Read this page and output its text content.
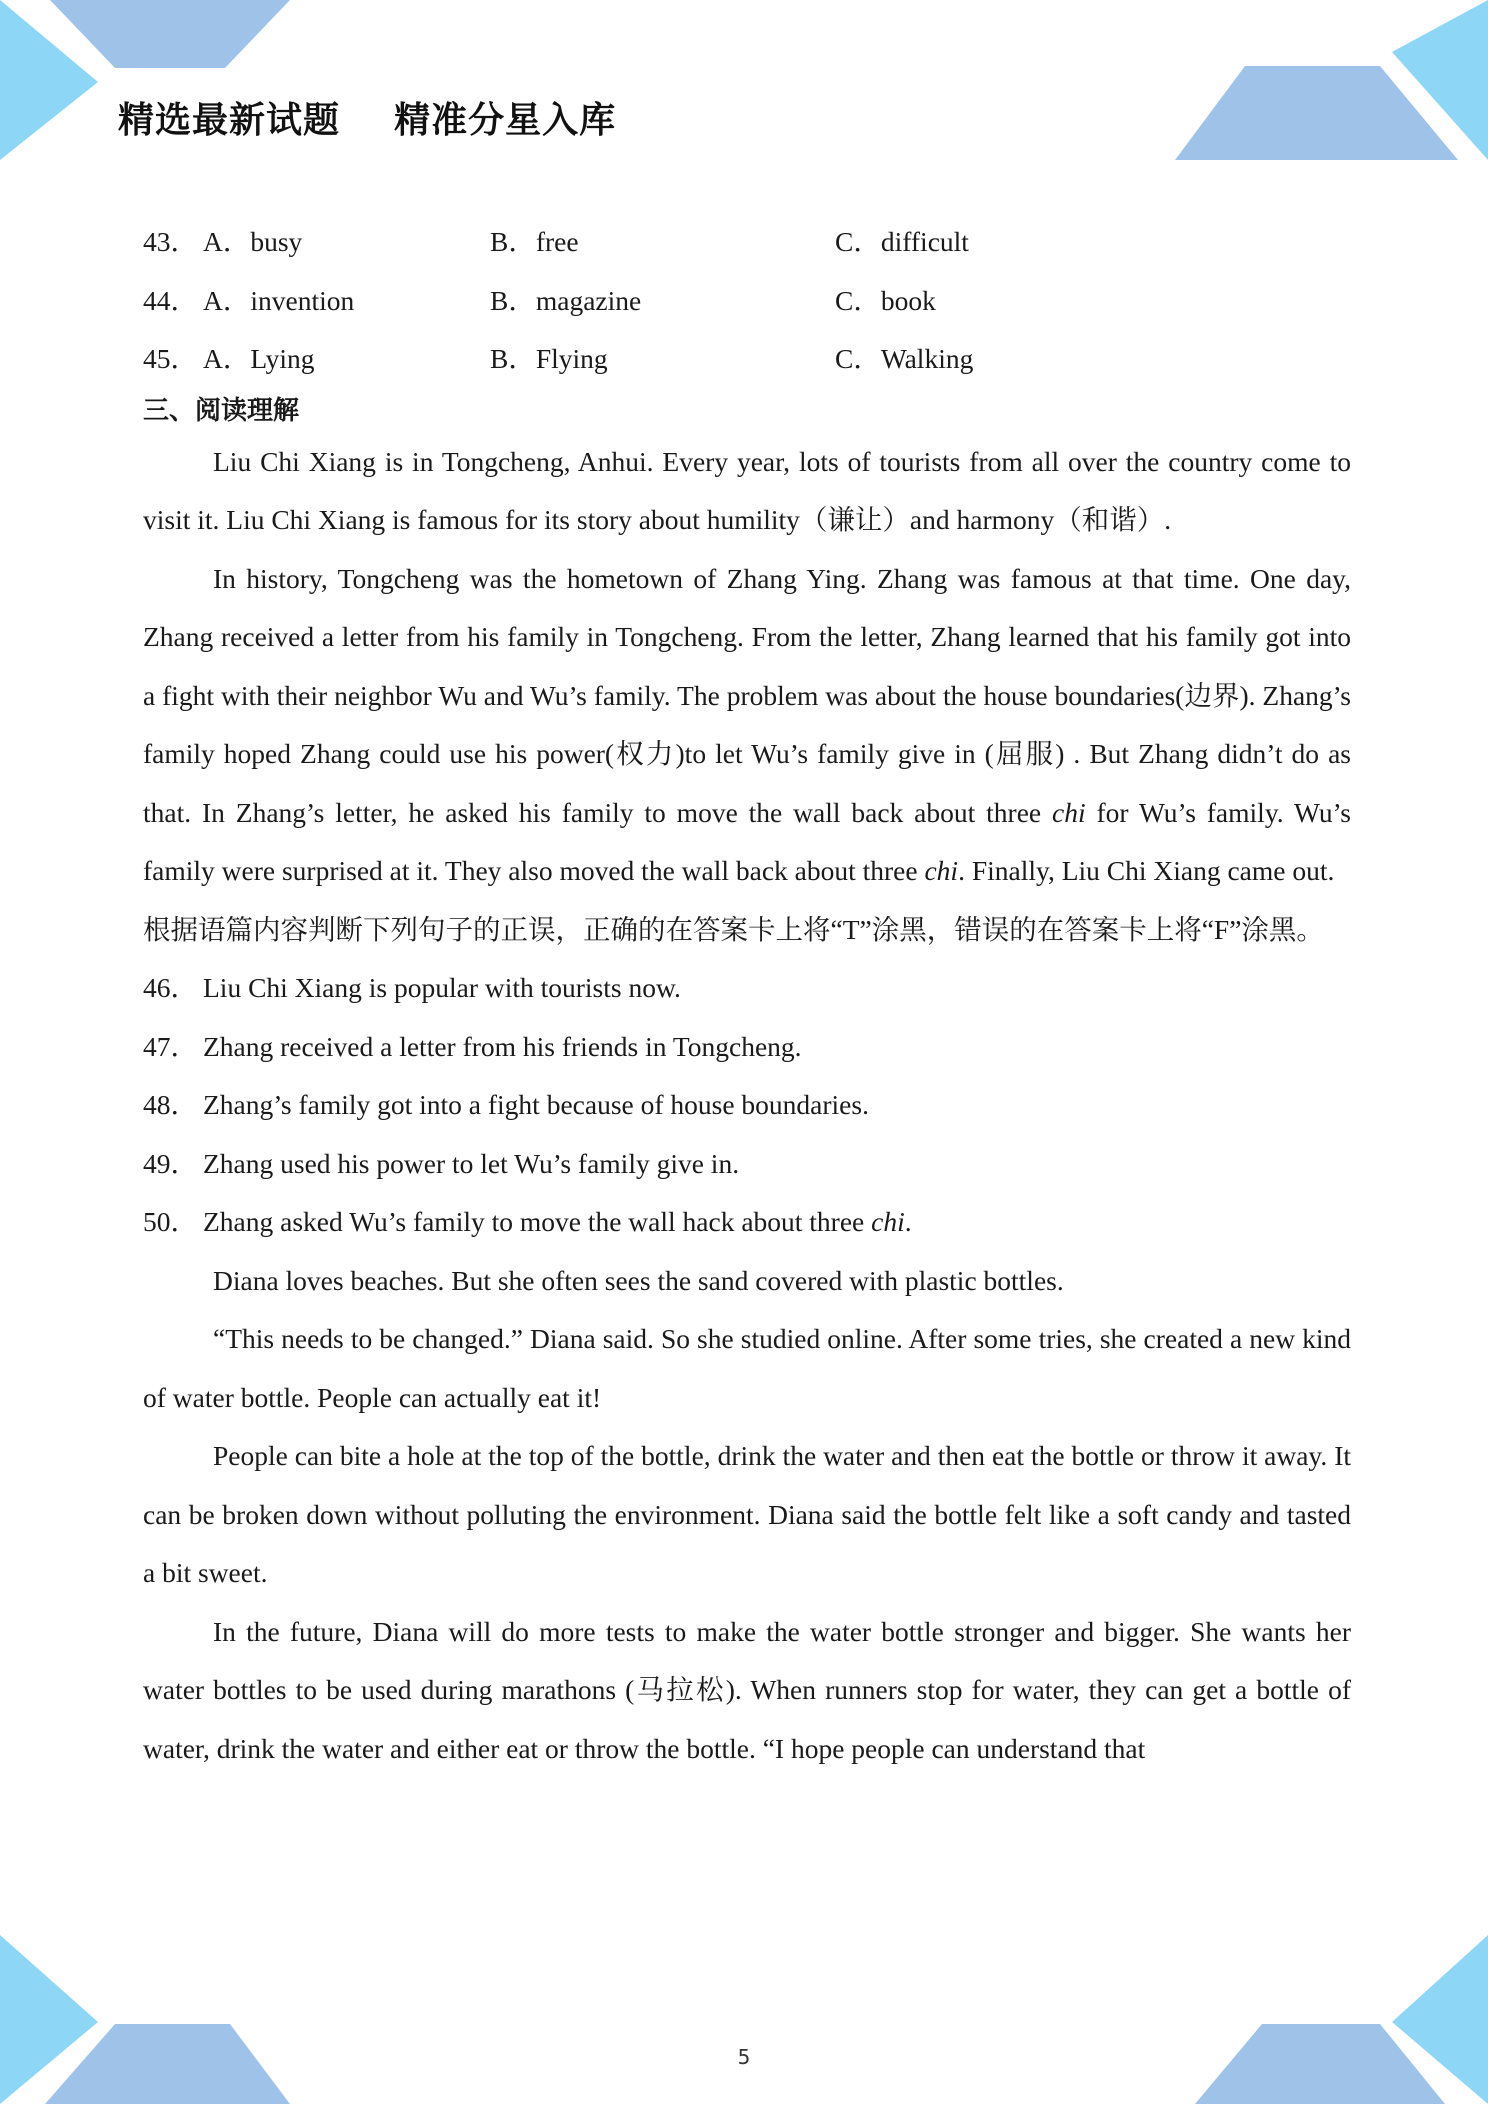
精选最新试题    精准分星入库
43． A．busy	B．free	C．difficult
44． A．invention	B．magazine	C．book
45． A．Lying	B．Flying	C．Walking
三、阅读理解

Liu Chi Xiang is in Tongcheng, Anhui. Every year, lots of tourists from all over the country come to visit it. Liu Chi Xiang is famous for its story about humility（谦让）and harmony（和谐）.

In history, Tongcheng was the hometown of Zhang Ying. Zhang was famous at that time. One day, Zhang received a letter from his family in Tongcheng. From the letter, Zhang learned that his family got into a fight with their neighbor Wu and Wu’s family. The problem was about the house boundaries(边界). Zhang’s family hoped Zhang could use his power(权力)to let Wu’s family give in (屈服) . But Zhang didn’t do as that. In Zhang’s letter, he asked his family to move the wall back about three chi for Wu’s family. Wu’s family were surprised at it. They also moved the wall back about three chi. Finally, Liu Chi Xiang came out.

根据语篇内容判断下列句子的正误，正确的在答案卡上将“T”涂黑，错误的在答案卡上将“F”涂黑。

46． Liu Chi Xiang is popular with tourists now.
47． Zhang received a letter from his friends in Tongcheng.
48． Zhang’s family got into a fight because of house boundaries.
49． Zhang used his power to let Wu’s family give in.
50． Zhang asked Wu’s family to move the wall hack about three chi.

Diana loves beaches. But she often sees the sand covered with plastic bottles.

“This needs to be changed.” Diana said. So she studied online. After some tries, she created a new kind of water bottle. People can actually eat it!

People can bite a hole at the top of the bottle, drink the water and then eat the bottle or throw it away. It can be broken down without polluting the environment. Diana said the bottle felt like a soft candy and tasted a bit sweet.

In the future, Diana will do more tests to make the water bottle stronger and bigger. She wants her water bottles to be used during marathons (马拉松). When runners stop for water, they can get a bottle of water, drink the water and either eat or throw the bottle. “I hope people can understand that

5
